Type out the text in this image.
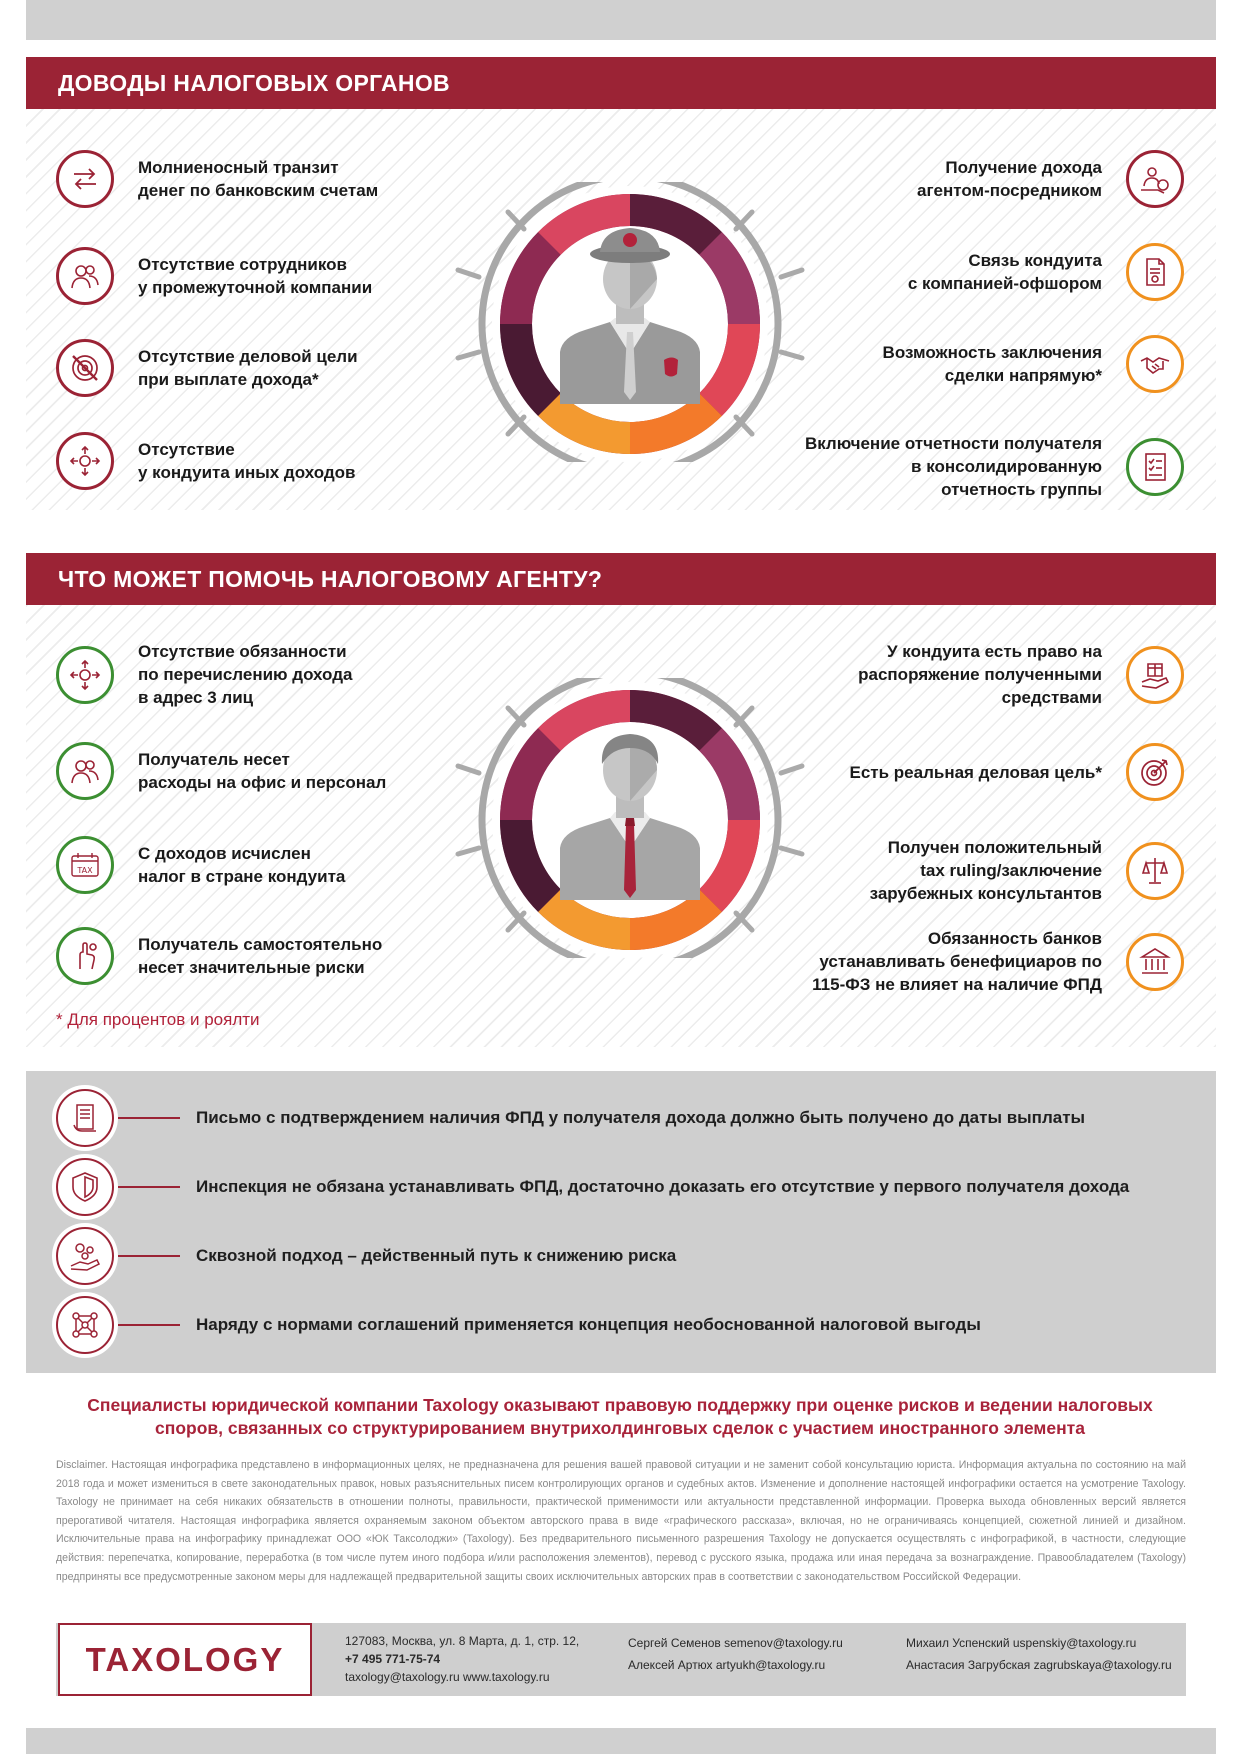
ДОВОДЫ НАЛОГОВЫХ ОРГАНОВ
Молниеносный транзит
денег по банковским счетам
Отсутствие сотрудников
у промежуточной компании
Отсутствие деловой цели
при выплате дохода*
Отсутствие
у кондуита иных доходов
Получение дохода
агентом-посредником
Связь кондуита
с компанией-офшором
Возможность заключения
сделки напрямую*
Включение отчетности получателя
в консолидированную
отчетность группы
ЧТО МОЖЕТ ПОМОЧЬ НАЛОГОВОМУ АГЕНТУ?
Отсутствие обязанности
по перечислению дохода
в адрес 3 лиц
Получатель несет
расходы на офис и персонал
TAX
С доходов исчислен
налог в стране кондуита
Получатель самостоятельно
несет значительные риски
У кондуита есть право на
распоряжение полученными
средствами
Есть реальная деловая цель*
Получен положительный
tax ruling/заключение
зарубежных консультантов
Обязанность банков
устанавливать бенефициаров по
115-ФЗ не влияет на наличие ФПД
* Для процентов и роялти
Письмо с подтверждением наличия ФПД у получателя дохода должно быть получено до даты выплаты
Инспекция не обязана устанавливать ФПД, достаточно доказать его отсутствие у первого получателя дохода
Сквозной подход – действенный путь к снижению риска
Наряду с нормами соглашений применяется концепция необоснованной налоговой выгоды
Специалисты юридической компании Taxology оказывают правовую поддержку при оценке рисков и ведении налоговых
споров, связанных со структурированием внутрихолдинговых сделок с участием иностранного элемента
Disclaimer. Настоящая инфографика представлено в информационных целях, не предназначена для решения вашей правовой ситуации и не заменит собой консультацию юриста. Информация актуальна по состоянию на май 2018 года и может измениться в свете законодательных правок, новых разъяснительных писем контролирующих органов и судебных актов. Изменение и дополнение настоящей инфографики остается на усмотрение Taxology. Taxology не принимает на себя никаких обязательств в отношении полноты, правильности, практической применимости или актуальности представленной информации. Проверка выхода обновленных версий является прерогативой читателя. Настоящая инфографика является охраняемым законом объектом авторского права в виде «графического рассказа», включая, но не ограничиваясь концепцией, сюжетной линией и дизайном. Исключительные права на инфографику принадлежат ООО «ЮК Таксолоджи» (Taxology). Без предварительного письменного разрешения Taxology не допускается осуществлять с инфографикой, в частности, следующие действия: перепечатка, копирование, переработка (в том числе путем иного подбора и/или расположения элементов), перевод с русского языка, продажа или иная передача за вознаграждение. Правообладателем (Taxology) предприняты все предусмотренные законом меры для надлежащей предварительной защиты своих исключительных авторских прав в соответствии с законодательством Российской Федерации.
TAXOLOGY	127083, Москва, ул. 8 Марта, д. 1, стр. 12,
+7 495 771-75-74
taxology@taxology.ru www.taxology.ru
Сергей Семенов semenov@taxology.ru
Алексей Артюх artyukh@taxology.ru
Михаил Успенский uspenskiy@taxology.ru
Анастасия Загрубская zagrubskaya@taxology.ru
